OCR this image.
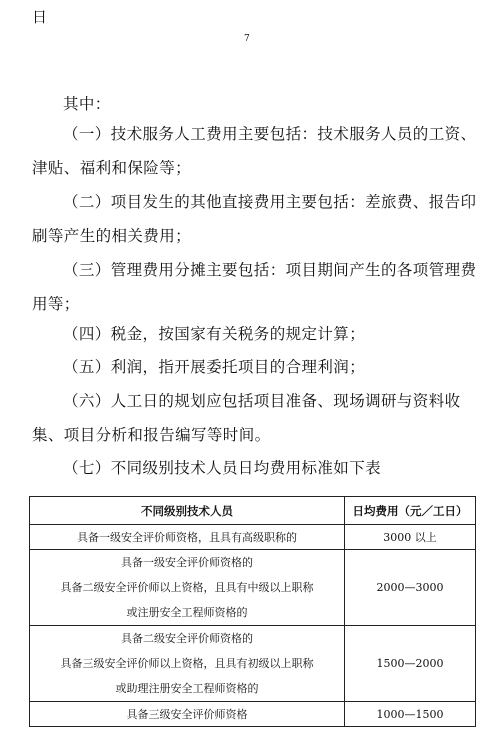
日
7
其中：
（一）技术服务人工费用主要包括：技术服务人员的工资、津贴、福利和保险等；
（二）项目发生的其他直接费用主要包括：差旅费、报告印刷等产生的相关费用；
（三）管理费用分摊主要包括：项目期间产生的各项管理费用等；
（四）税金，按国家有关税务的规定计算；
（五）利润，指开展委托项目的合理利润；
（六）人工日的规划应包括项目准备、现场调研与资料收集、项目分析和报告编写等时间。
（七）不同级别技术人员日均费用标准如下表
不同级别技术人员	日均费用（元／工日）
具备一级安全评价师资格，且具有高级职称的	3000 以上

具备一级安全评价师资格的
具备二级安全评价师以上资格，且具有中级以上职称
或注册安全工程师资格的	2000—3000

具备二级安全评价师资格的
具备三级安全评价师以上资格，且具有初级以上职称
或助理注册安全工程师资格的	1500—2000
具备三级安全评价师资格	1000—1500
